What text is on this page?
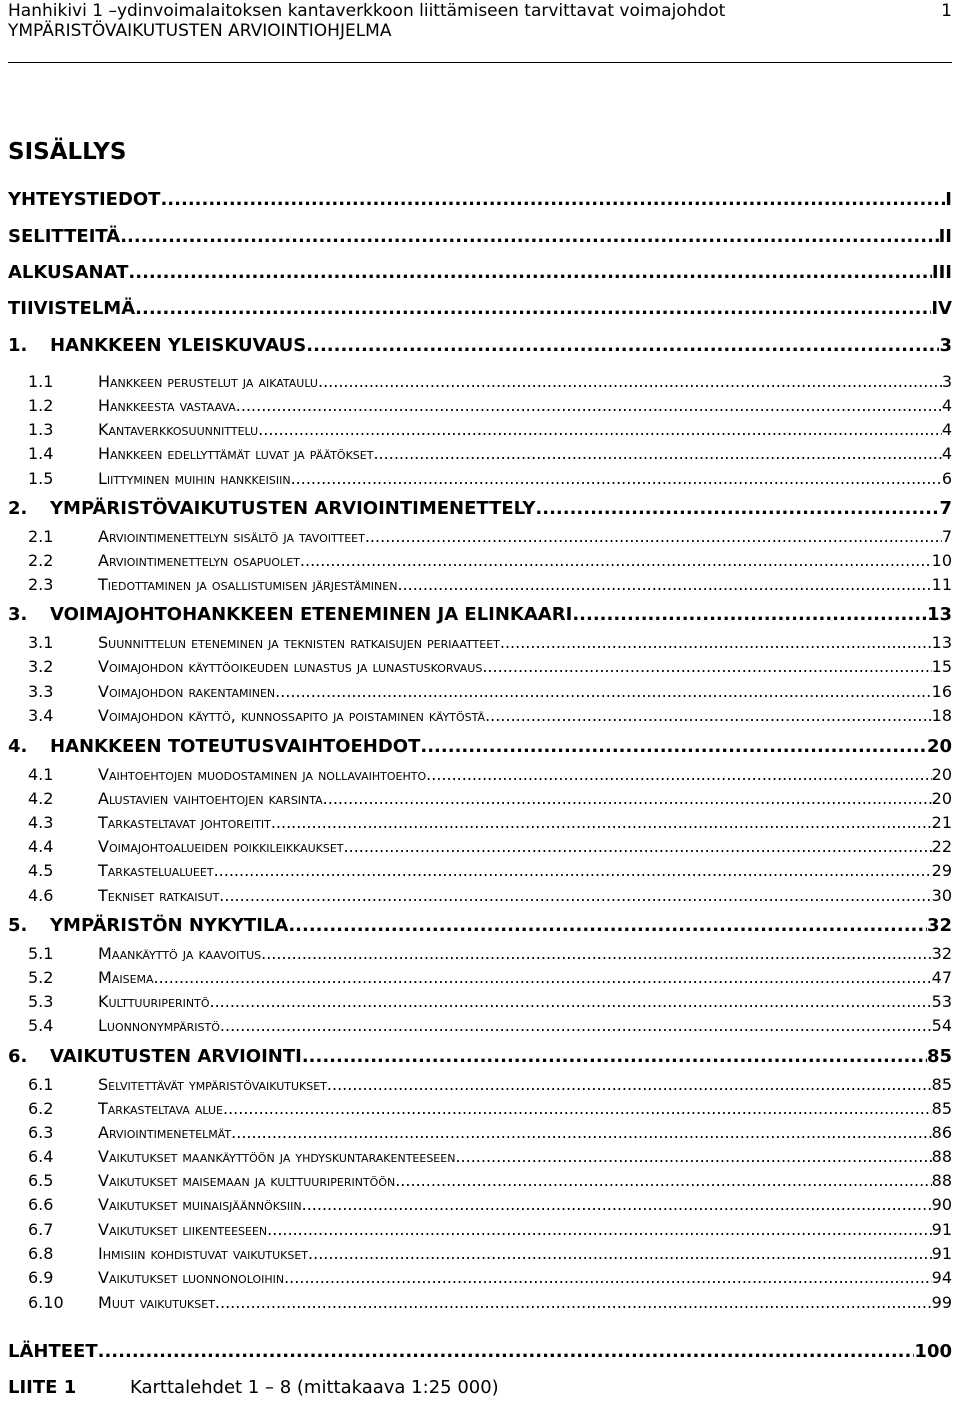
Hanhikivi 1 –ydinvoimalaitoksen kantaverkkoon liittämiseen tarvittavat voimajohdot
YMPÄRISTÖVAIKUTUSTEN ARVIOINTIOHJELMA
1
SISÄLLYS
YHTEYSTIEDOT .....	I
SELITTEITÄ .....	II
ALKUSANAT .....	III
TIIVISTELMÄ .....	IV
1.	HANKKEEN YLEISKUVAUS .....	3
1.1	hankkeen perustelut ja aikataulu .....	3
1.2	hankkeesta vastaava .....	4
1.3	kantaverkkosuunnittelu .....	4
1.4	hankkeen edellyttämät luvat ja päätökset .....	4
1.5	liittyminen muihin hankkeisiin .....	6
2.	YMPÄRISTÖVAIKUTUSTEN ARVIOINTIMENETTELY .....	7
2.1	arviointimenettelyn sisältö ja tavoitteet .....	7
2.2	arviointimenettelyn osapuolet .....	10
2.3	tiedottaminen ja osallistumisen järjestäminen .....	11
3.	VOIMAJOHTOHANKKEEN ETENEMINEN JA ELINKAARI .....	13
3.1	suunnittelun eteneminen ja teknisten ratkaisujen periaatteet .....	13
3.2	voimajohdon käyttöoikeuden lunastus ja lunastuskorvaus .....	15
3.3	voimajohdon rakentaminen .....	16
3.4	voimajohdon käyttö, kunnossapito ja poistaminen käytöstä .....	18
4.	HANKKEEN TOTEUTUSVAIHTOEHDOT .....	20
4.1	vaihtoehtojen muodostaminen ja nollavaihtoehto .....	20
4.2	alustavien vaihtoehtojen karsinta .....	20
4.3	tarkasteltavat johtoreitit .....	21
4.4	voimajohtoalueiden poikkileikkaukset .....	22
4.5	tarkastelualueet .....	29
4.6	tekniset ratkaisut .....	30
5.	YMPÄRISTÖN NYKYTILA .....	32
5.1	maankäyttö ja kaavoitus .....	32
5.2	maisema .....	47
5.3	kulttuuriperintö .....	53
5.4	luonnonympäristö .....	54
6.	VAIKUTUSTEN ARVIOINTI .....	85
6.1	selvitettävät ympäristövaikutukset .....	85
6.2	tarkasteltava alue .....	85
6.3	arviointimenetelmät .....	86
6.4	vaikutukset maankäyttöön ja yhdyskuntarakenteeseen .....	88
6.5	vaikutukset maisemaan ja kulttuuriperintöön .....	88
6.6	vaikutukset muinaisjäännöksiin .....	90
6.7	vaikutukset liikenteeseen .....	91
6.8	ihmisiin kohdistuvat vaikutukset .....	91
6.9	vaikutukset luonnonoloihin .....	94
6.10	muut vaikutukset .....	99
LÄHTEET .....	100
LIITE 1	Karttalehdet 1 – 8 (mittakaava 1:25 000)
